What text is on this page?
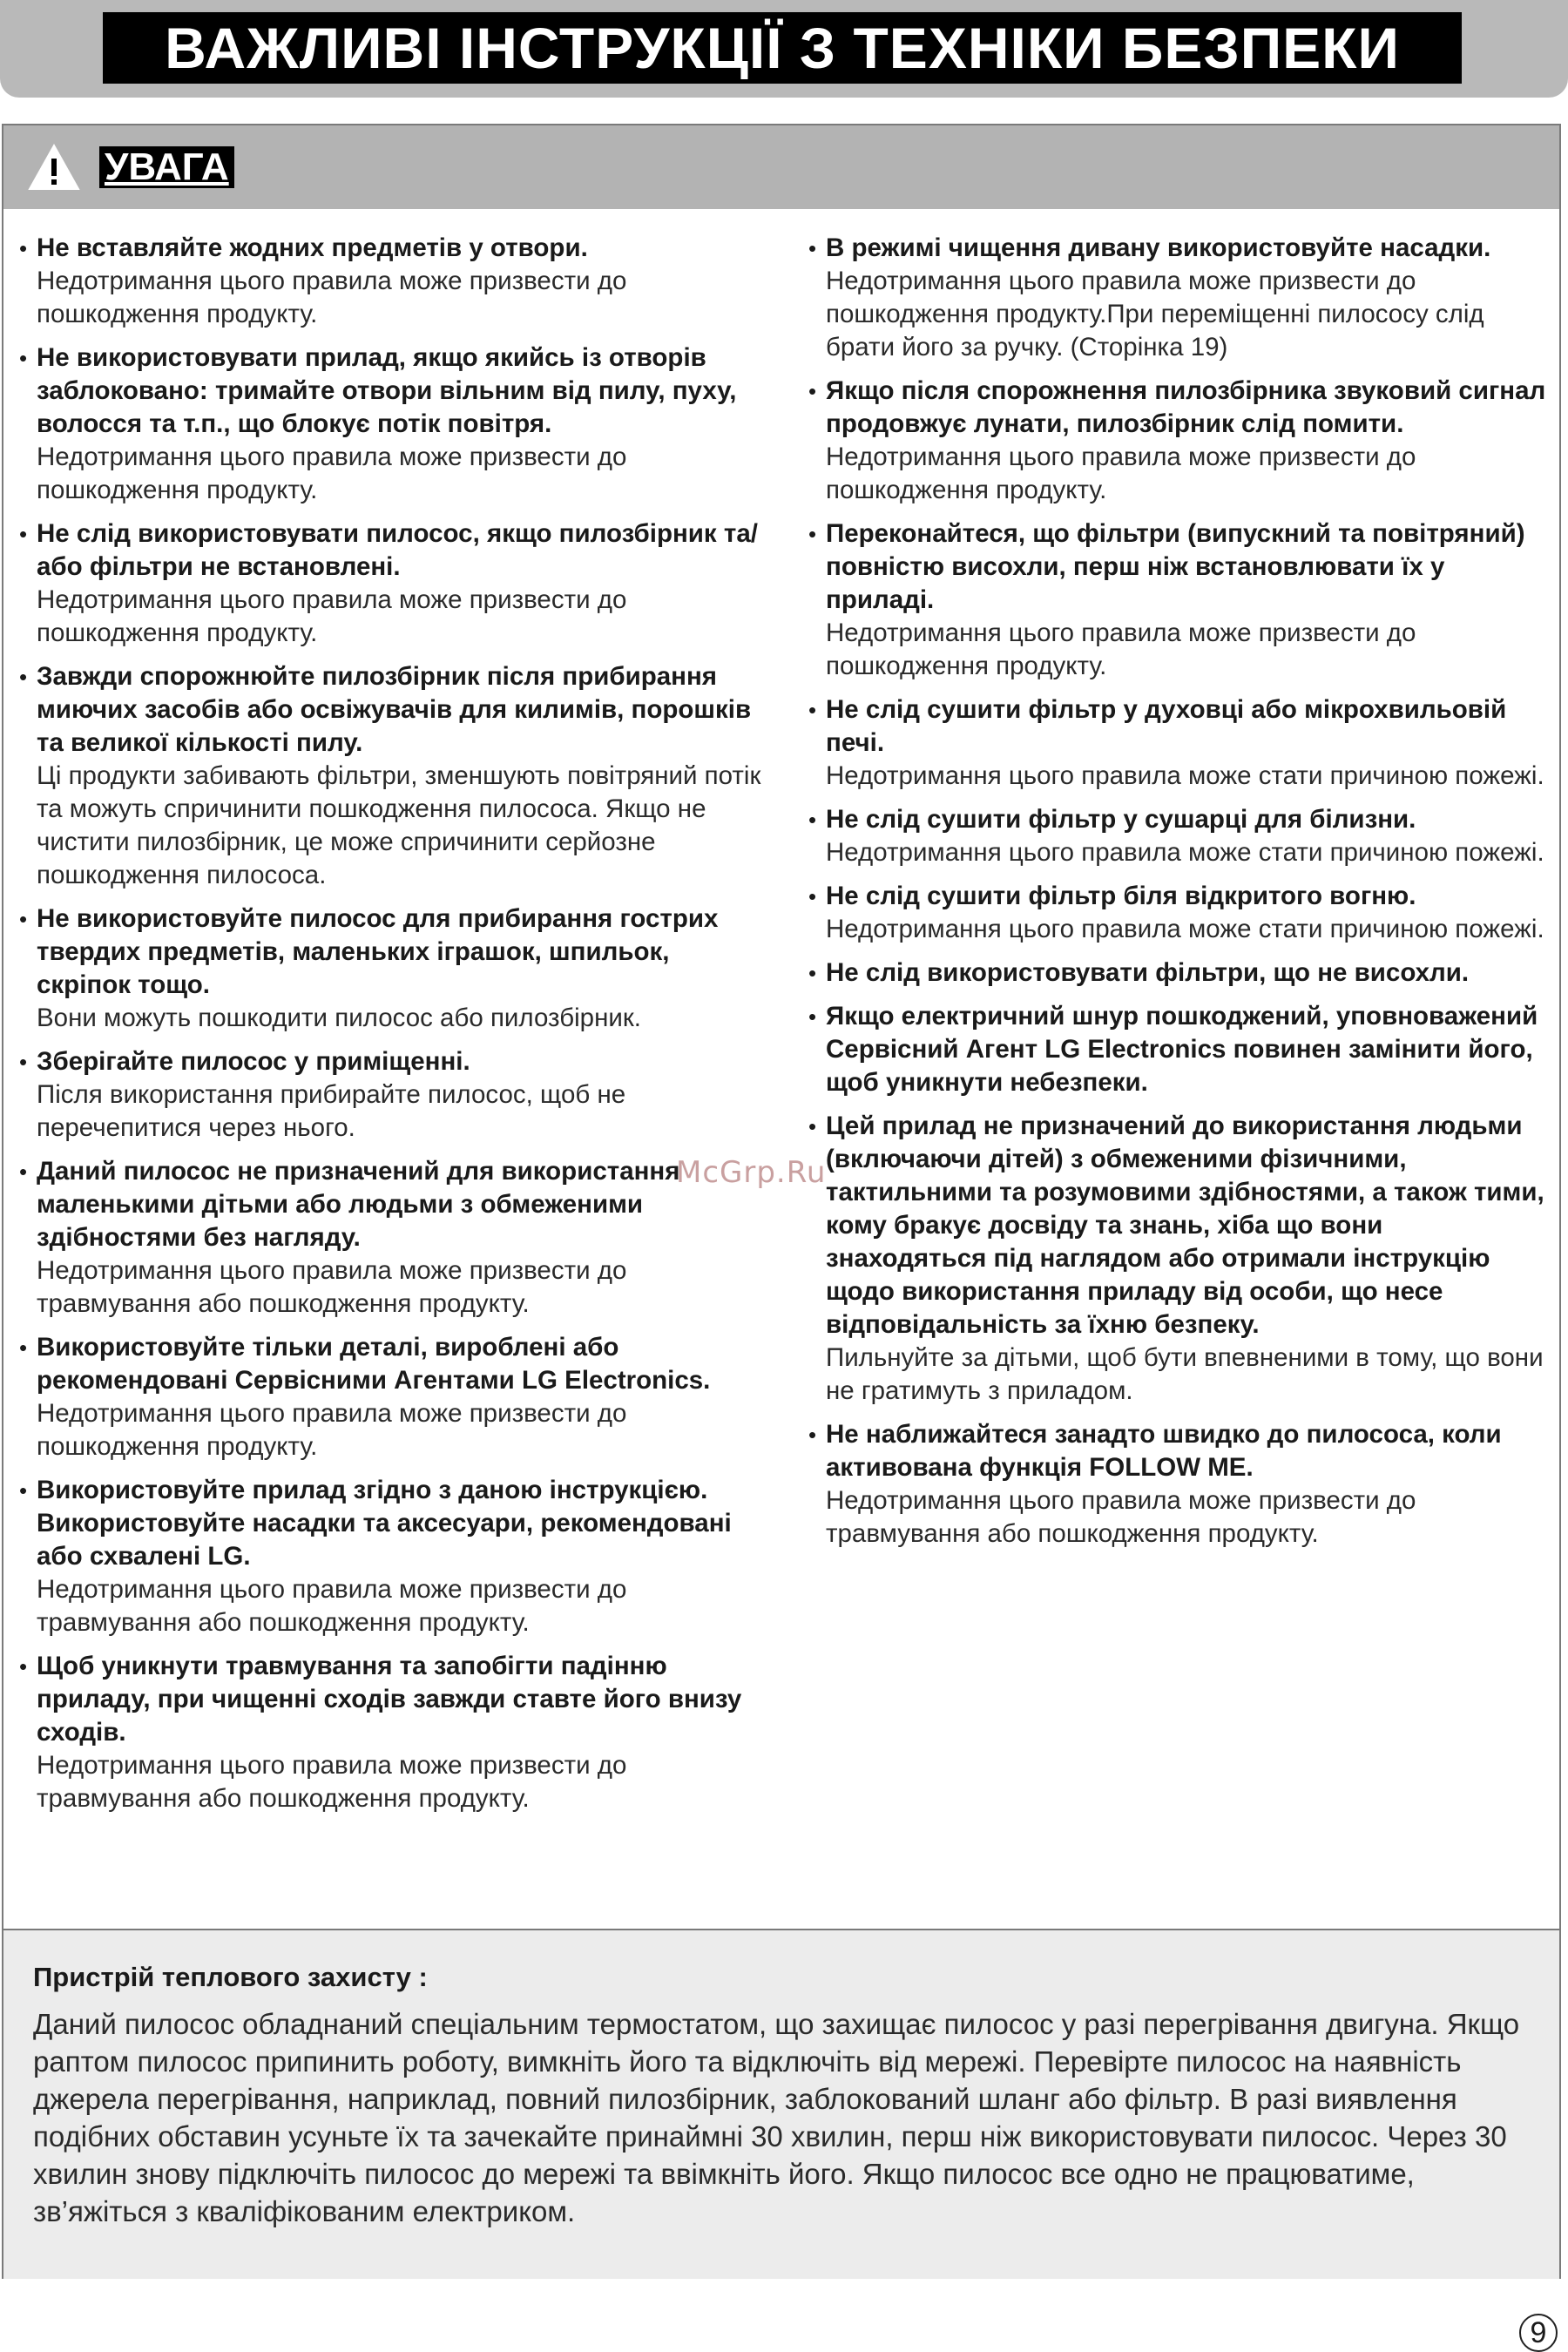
ВАЖЛИВІ ІНСТРУКЦІЇ З ТЕХНІКИ БЕЗПЕКИ
УВАГА
• Не вставляйте жодних предметів у отвори.
Недотримання цього правила може призвести до пошкодження продукту.
• Не використовувати прилад, якщо якийсь із отворів заблоковано: тримайте отвори вільним від пилу, пуху, волосся та т.п., що блокує потік повітря.
Недотримання цього правила може призвести до пошкодження продукту.
• Не слід використовувати пилосос, якщо пилозбірник та/або фільтри не встановлені.
Недотримання цього правила може призвести до пошкодження продукту.
• Завжди спорожнюйте пилозбірник після прибирання миючих засобів або освіжувачів для килимів, порошків та великої кількості пилу.
Ці продукти забивають фільтри, зменшують повітряний потік та можуть спричинити пошкодження пилососа. Якщо не чистити пилозбірник, це може спричинити серйозне пошкодження пилососа.
• Не використовуйте пилосос для прибирання гострих твердих предметів, маленьких іграшок, шпильок, скріпок тощо.
Вони можуть пошкодити пилосос або пилозбірник.
• Зберігайте пилосос у приміщенні.
Після використання прибирайте пилосос, щоб не перечепитися через нього.
• Даний пилосос не призначений для використання маленькими дітьми або людьми з обмеженими здібностями без нагляду.
Недотримання цього правила може призвести до травмування або пошкодження продукту.
• Використовуйте тільки деталі, вироблені або рекомендовані Сервісними Агентами LG Electronics.
Недотримання цього правила може призвести до пошкодження продукту.
• Використовуйте прилад згідно з даною інструкцією. Використовуйте насадки та аксесуари, рекомендовані або схвалені LG.
Недотримання цього правила може призвести до травмування або пошкодження продукту.
• Щоб уникнути травмування та запобігти падінню приладу, при чищенні сходів завжди ставте його внизу сходів.
Недотримання цього правила може призвести до травмування або пошкодження продукту.
• В режимі чищення дивану використовуйте насадки.
Недотримання цього правила може призвести до пошкодження продукту.При переміщенні пилососу слід брати його за ручку. (Сторінка 19)
• Якщо після спорожнення пилозбірника звуковий сигнал продовжує лунати, пилозбірник слід помити.
Недотримання цього правила може призвести до пошкодження продукту.
• Переконайтеся, що фільтри (випускний та повітряний) повністю висохли, перш ніж встановлювати їх у приладі.
Недотримання цього правила може призвести до пошкодження продукту.
• Не слід сушити фільтр у духовці або мікрохвильовій печі.
Недотримання цього правила може стати причиною пожежі.
• Не слід сушити фільтр у сушарці для білизни.
Недотримання цього правила може стати причиною пожежі.
• Не слід сушити фільтр біля відкритого вогню.
Недотримання цього правила може стати причиною пожежі.
• Не слід використовувати фільтри, що не висохли.
• Якщо електричний шнур пошкоджений, уповноважений Сервісний Агент LG Electronics повинен замінити його, щоб уникнути небезпеки.
• Цей прилад не призначений до використання людьми (включаючи дітей) з обмеженими фізичними, тактильними та розумовими здібностями, а також тими, кому бракує досвіду та знань, хіба що вони знаходяться під наглядом або отримали інструкцію щодо використання приладу від особи, що несе відповідальність за їхню безпеку.
Пильнуйте за дітьми, щоб бути впевненими в тому, що вони не гратимуть з приладом.
• Не наближайтеся занадто швидко до пилососа, коли активована функція FOLLOW ME.
Недотримання цього правила може призвести до травмування або пошкодження продукту.
Пристрій теплового захисту :
Даний пилосос обладнаний спеціальним термостатом, що захищає пилосос у разі перегрівання двигуна. Якщо раптом пилосос припинить роботу, вимкніть його та відключіть від мережі. Перевірте пилосос на наявність джерела перегрівання, наприклад, повний пилозбірник, заблокований шланг або фільтр. В разі виявлення подібних обставин усуньте їх та зачекайте принаймні 30 хвилин, перш ніж використовувати пилосос. Через 30 хвилин знову підключіть пилосос до мережі та ввімкніть його. Якщо пилосос все одно не працюватиме, зв’яжіться з кваліфікованим електриком.
McGrp.Ru
9
